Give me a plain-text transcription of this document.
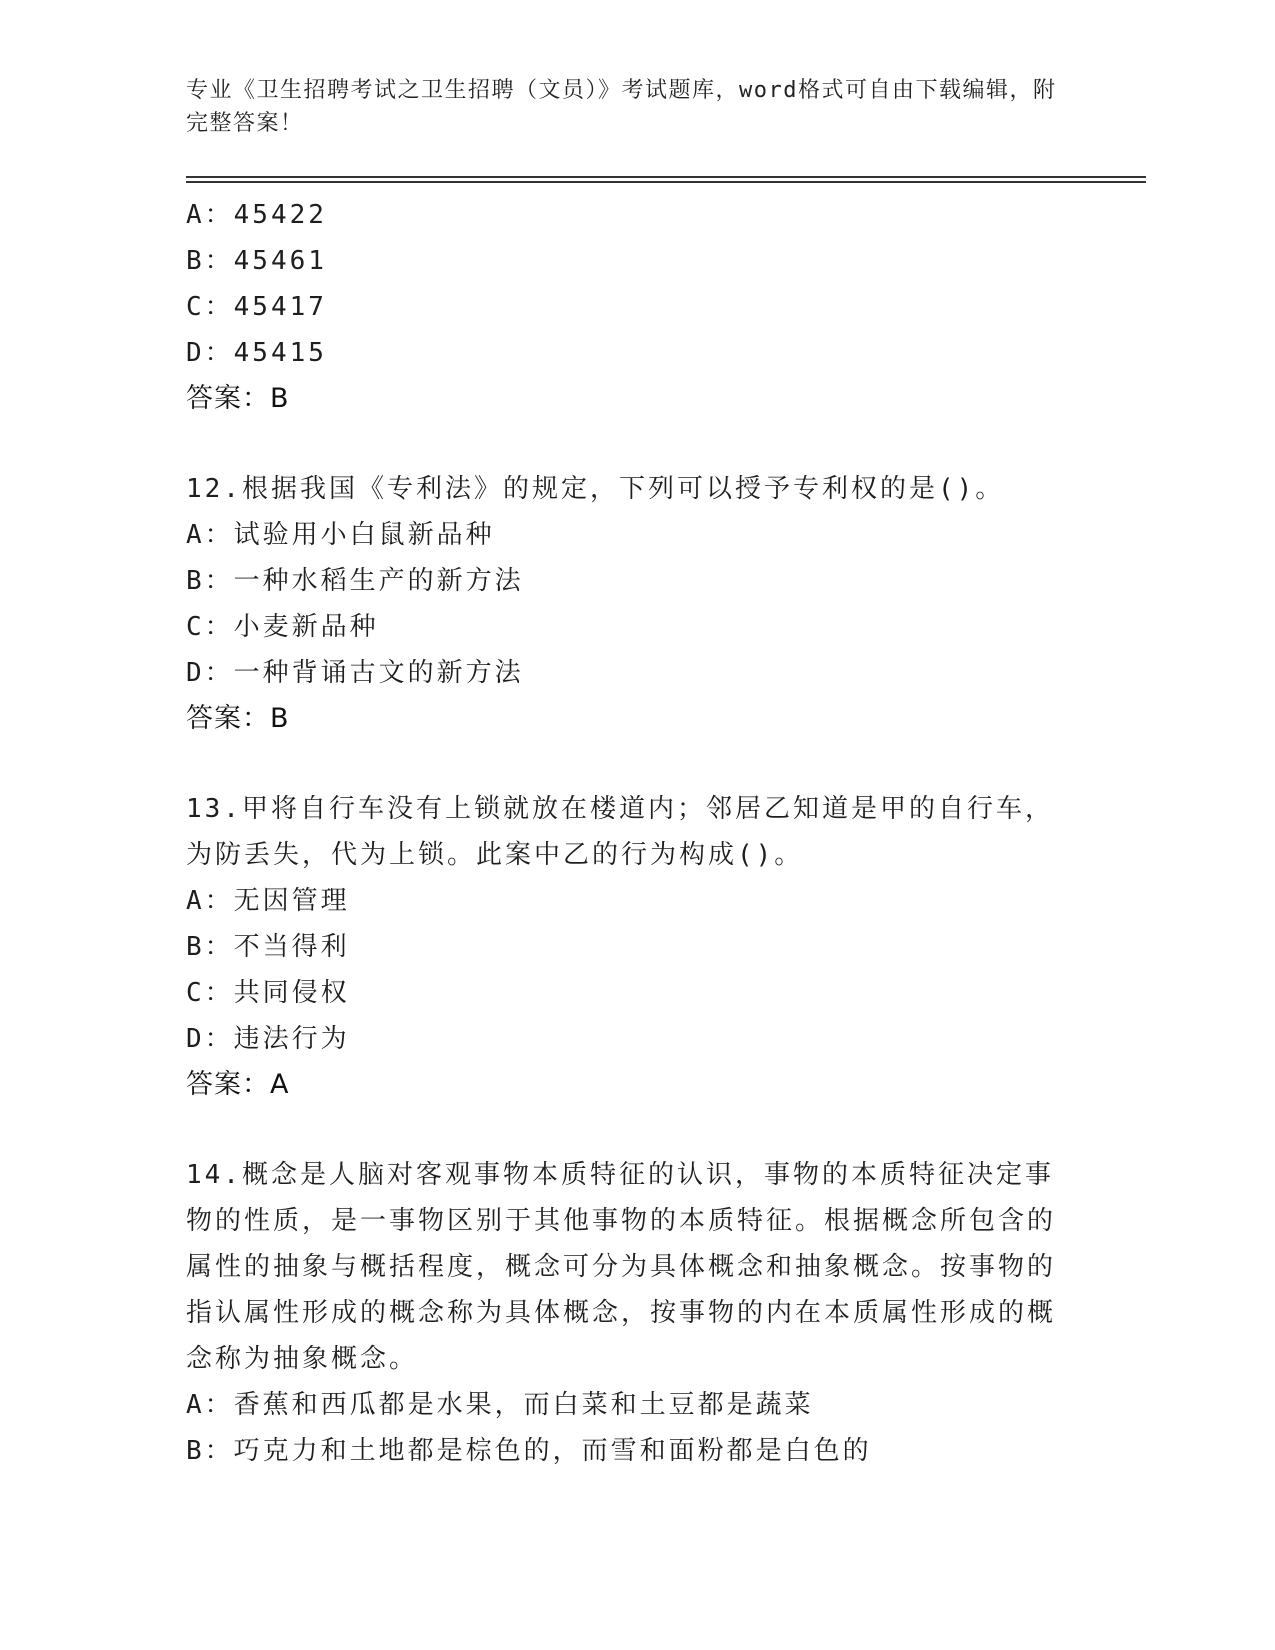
专业《卫生招聘考试之卫生招聘（文员）》考试题库，word格式可自由下载编辑，附完整答案！
A：45422
B：45461
C：45417
D：45415
答案：B
12.根据我国《专利法》的规定，下列可以授予专利权的是()。
A：试验用小白鼠新品种
B：一种水稻生产的新方法
C：小麦新品种
D：一种背诵古文的新方法
答案：B
13.甲将自行车没有上锁就放在楼道内；邻居乙知道是甲的自行车，为防丢失，代为上锁。此案中乙的行为构成()。
A：无因管理
B：不当得利
C：共同侵权
D：违法行为
答案：A
14.概念是人脑对客观事物本质特征的认识，事物的本质特征决定事物的性质，是一事物区别于其他事物的本质特征。根据概念所包含的属性的抽象与概括程度，概念可分为具体概念和抽象概念。按事物的指认属性形成的概念称为具体概念，按事物的内在本质属性形成的概念称为抽象概念。
A：香蕉和西瓜都是水果，而白菜和土豆都是蔬菜
B：巧克力和土地都是棕色的，而雪和面粉都是白色的
